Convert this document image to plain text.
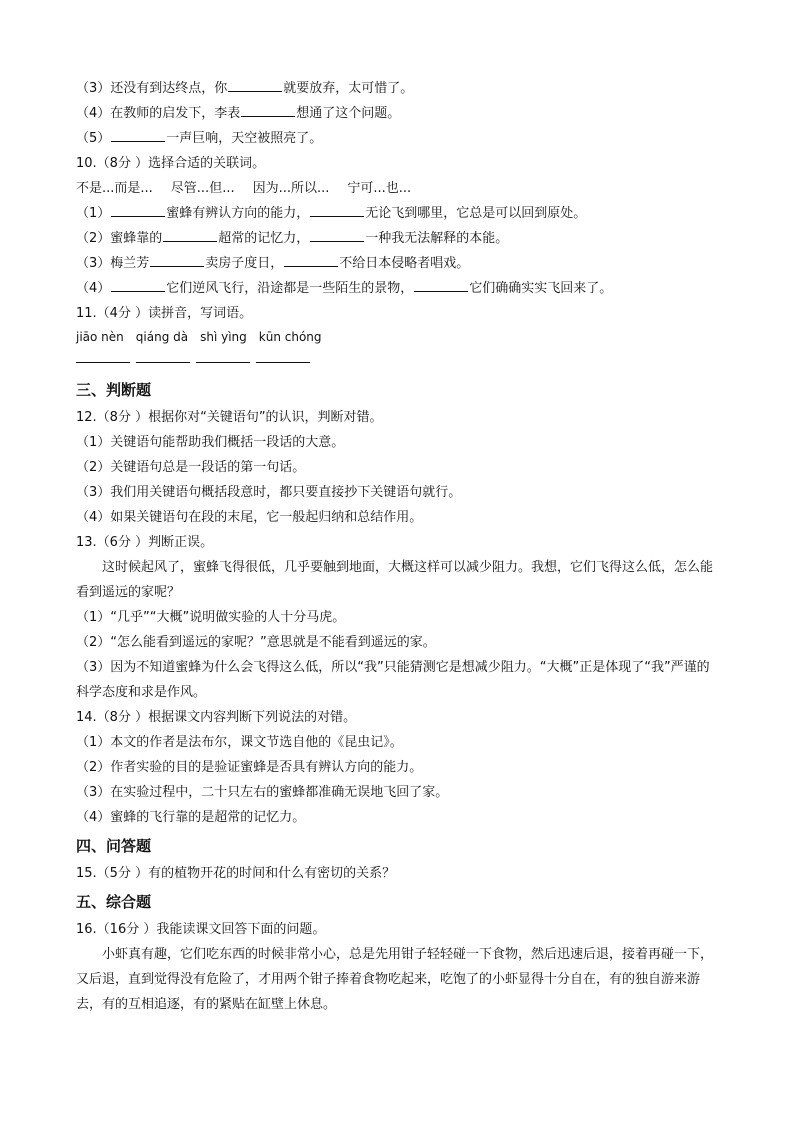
（3）还没有到达终点，你	就要放弃，太可惜了。
（4）在教师的启发下，李表	想通了这个问题。
（5）	一声巨响，天空被照亮了。
10.（8分 ）选择合适的关联词。
不是...而是... 尽管...但... 因为...所以... 宁可...也...
（1）	蜜蜂有辨认方向的能力，	无论飞到哪里，它总是可以回到原处。
（2）蜜蜂靠的	超常的记忆力，	一种我无法解释的本能。
（3）梅兰芳	卖房子度日，	不给日本侵略者唱戏。
（4）	它们逆风飞行，沿途都是一些陌生的景物，	它们确确实实飞回来了。
11.（4分 ）读拼音，写词语。
jiāo nèn qiáng dà shì yìng kūn chóng
三、判断题
12.（8分 ）根据你对“关键语句”的认识，判断对错。
（1）关键语句能帮助我们概括一段话的大意。
（2）关键语句总是一段话的第一句话。
（3）我们用关键语句概括段意时，都只要直接抄下关键语句就行。
（4）如果关键语句在段的末尾，它一般起归纳和总结作用。
13.（6分 ）判断正误。
这时候起风了，蜜蜂飞得很低，几乎要触到地面，大概这样可以减少阻力。我想，它们飞得这么低，怎么能看到遥远的家呢？
（1）“几乎”“大概”说明做实验的人十分马虎。
（2）“怎么能看到遥远的家呢？”意思就是不能看到遥远的家。
（3）因为不知道蜜蜂为什么会飞得这么低，所以“我”只能猜测它是想减少阻力。“大概”正是体现了“我”严谨的科学态度和求是作风。
14.（8分 ）根据课文内容判断下列说法的对错。
（1）本文的作者是法布尔，课文节选自他的《昆虫记》。
（2）作者实验的目的是验证蜜蜂是否具有辨认方向的能力。
（3）在实验过程中，二十只左右的蜜蜂都准确无误地飞回了家。
（4）蜜蜂的飞行靠的是超常的记忆力。
四、问答题
15.（5分 ）有的植物开花的时间和什么有密切的关系？
五、综合题
16.（16分 ）我能读课文回答下面的问题。
小虾真有趣，它们吃东西的时候非常小心，总是先用钳子轻轻碰一下食物，然后迅速后退，接着再碰一下，又后退，直到觉得没有危险了，才用两个钳子捧着食物吃起来，吃饱了的小虾显得十分自在，有的独自游来游去，有的互相追逐，有的紧贴在缸壁上休息。
